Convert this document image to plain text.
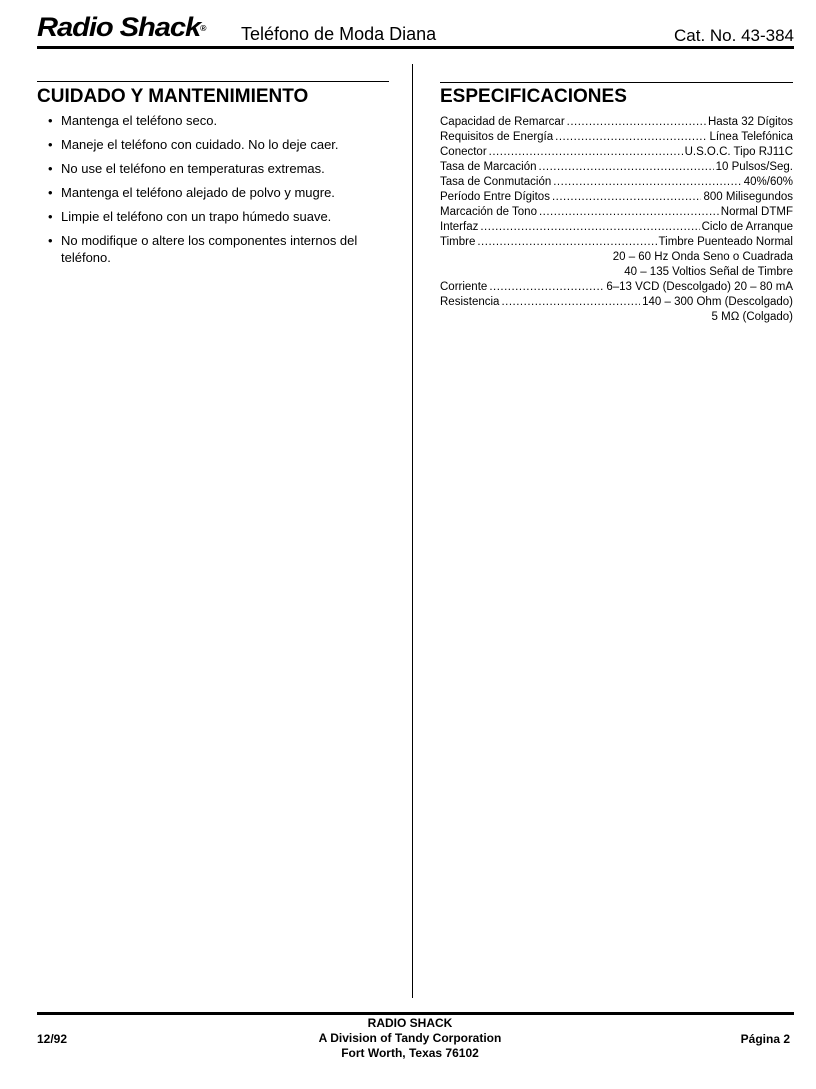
Radio Shack® Teléfono de Moda Diana	Cat. No. 43-384
CUIDADO Y MANTENIMIENTO
• Mantenga el teléfono seco.
• Maneje el teléfono con cuidado. No lo deje caer.
• No use el teléfono en temperaturas extremas.
• Mantenga el teléfono alejado de polvo y mugre.
• Limpie el teléfono con un trapo húmedo suave.
• No modifique o altere los componentes internos del teléfono.
ESPECIFICACIONES
Capacidad de Remarcar .....	Hasta 32 Dígitos
Requisitos de Energía .....	Línea Telefónica
Conector .....	U.S.O.C. Tipo RJ11C
Tasa de Marcación .....	10 Pulsos/Seg.
Tasa de Conmutación .....	40%/60%
Período Entre Dígitos .....	800 Milisegundos
Marcación de Tono .....	Normal DTMF
Interfaz .....	Ciclo de Arranque
Timbre .....	Timbre Puenteado Normal
20 – 60 Hz Onda Seno o Cuadrada
40 – 135 Voltios Señal de Timbre
Corriente .....	6–13 VCD (Descolgado) 20 – 80 mA
Resistencia .....	140 – 300 Ohm (Descolgado)
5 MΩ (Colgado)
12/92
RADIO SHACK
A Division of Tandy Corporation
Fort Worth, Texas 76102
Página 2
